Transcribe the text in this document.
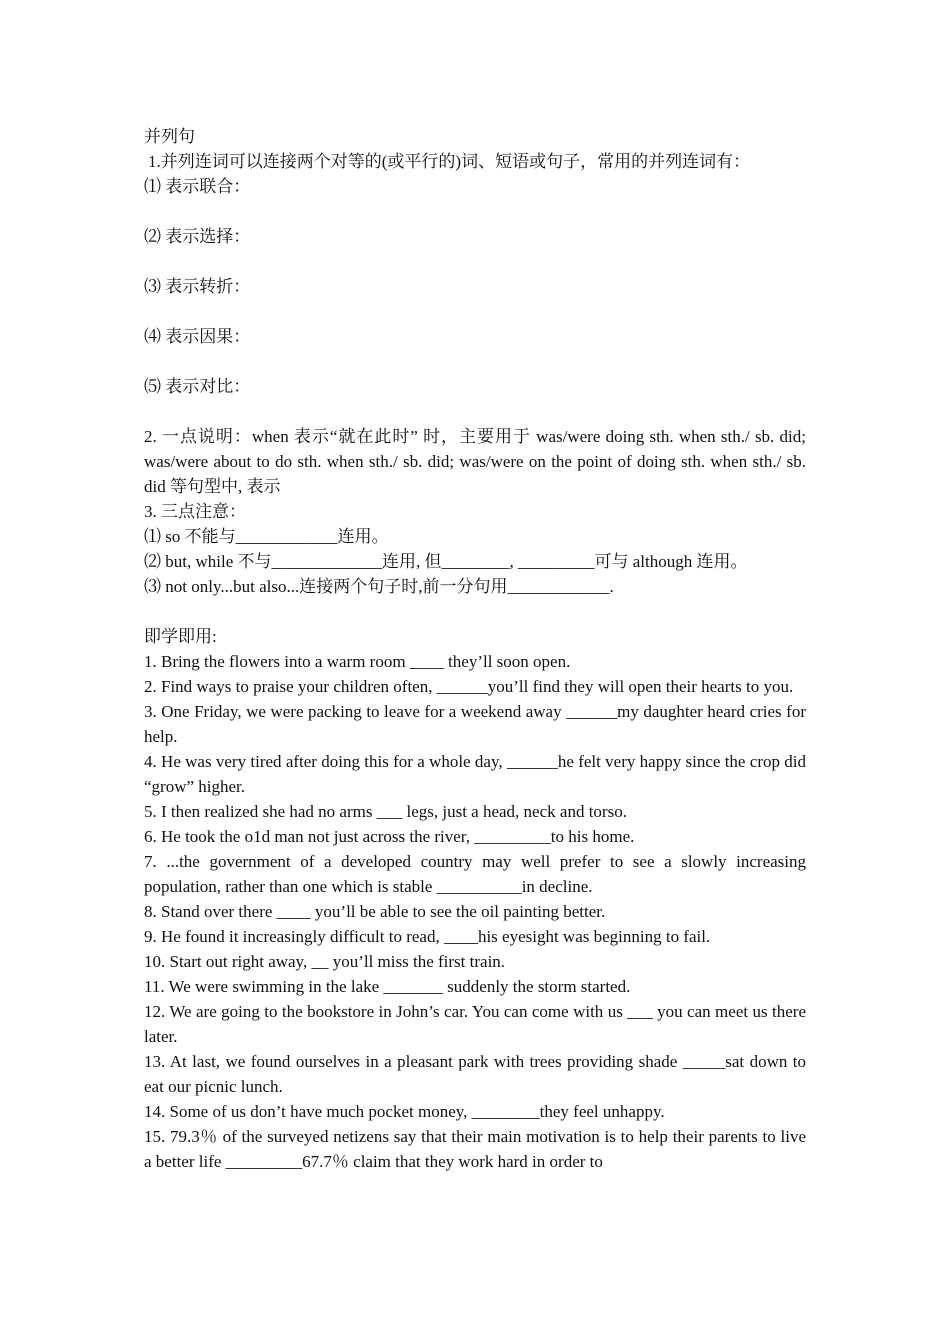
并列句
1.并列连词可以连接两个对等的(或平行的)词、短语或句子，常用的并列连词有：
⑴ 表示联合：
⑵ 表示选择：
⑶ 表示转折：
⑷ 表示因果：
⑸ 表示对比：
2. 一点说明：when 表示“就在此时” 时，主要用于 was/were doing sth. when sth./ sb. did; was/were about to do sth. when sth./ sb. did; was/were on the point of doing sth. when sth./ sb. did 等句型中, 表示
3. 三点注意：
⑴ so 不能与____________连用。
⑵ but, while 不与_____________连用, 但________, _________可与 although 连用。
⑶ not only...but also...连接两个句子时,前一分句用____________.
即学即用:
1. Bring the flowers into a warm room ____ they’ll soon open.
2. Find ways to praise your children often, ______you’ll find they will open their hearts to you.
3. One Friday, we were packing to leave for a weekend away ______my daughter heard cries for help.
4. He was very tired after doing this for a whole day, ______he felt very happy since the crop did “grow” higher.
5. I then realized she had no arms ___ legs, just a head, neck and torso.
6. He took the o1d man not just across the river, _________to his home.
7. ...the government of a developed country may well prefer to see a slowly increasing population, rather than one which is stable __________in decline.
8. Stand over there ____ you’ll be able to see the oil painting better.
9. He found it increasingly difficult to read, ____his eyesight was beginning to fail.
10. Start out right away, __ you’ll miss the first train.
11. We were swimming in the lake _______ suddenly the storm started.
12. We are going to the bookstore in John’s car. You can come with us ___ you can meet us there later.
13. At last, we found ourselves in a pleasant park with trees providing shade _____sat down to eat our picnic lunch.
14. Some of us don’t have much pocket money, ________they feel unhappy.
15. 79.3％ of the surveyed netizens say that their main motivation is to help their parents to live a better life _________67.7％ claim that they work hard in order to
